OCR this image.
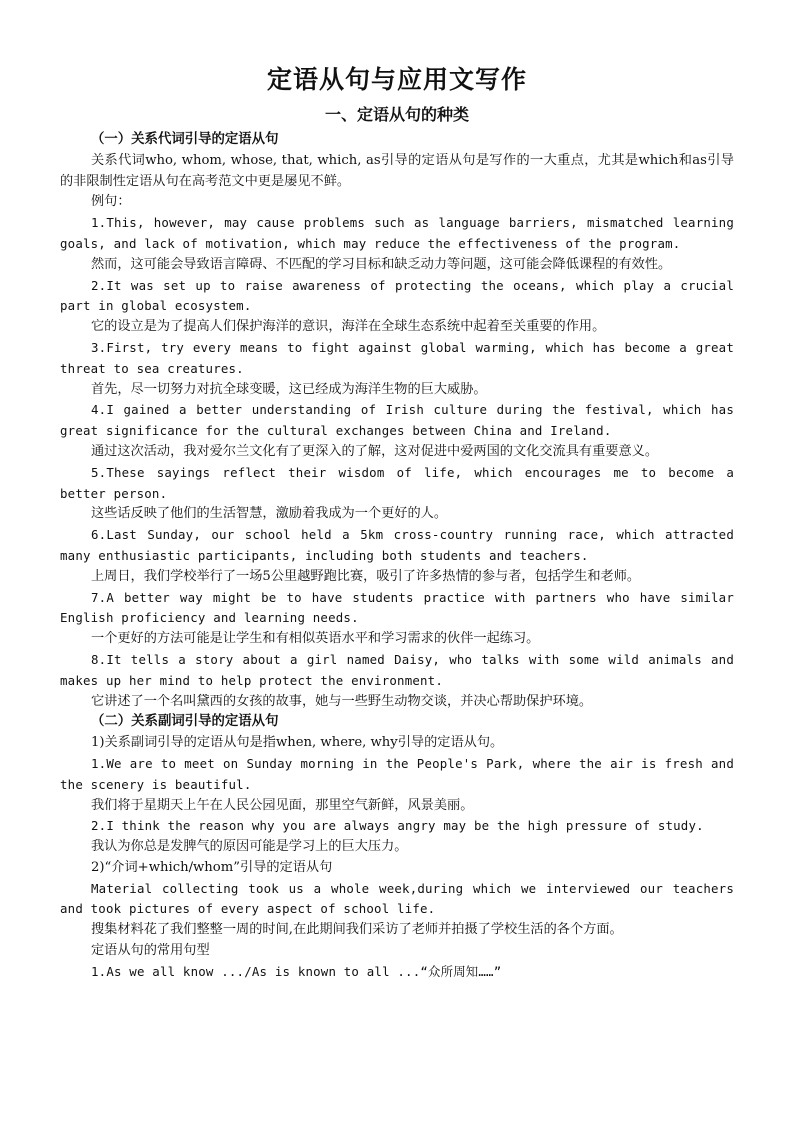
定语从句与应用文写作
一、定语从句的种类

（一）关系代词引导的定语从句

关系代词who, whom, whose, that, which, as引导的定语从句是写作的一大重点，尤其是which和as引导的非限制性定语从句在高考范文中更是屡见不鲜。

例句：

1.This, however, may cause problems such as language barriers, mismatched learning goals, and lack of motivation, which may reduce the effectiveness of the program.

然而，这可能会导致语言障碍、不匹配的学习目标和缺乏动力等问题，这可能会降低课程的有效性。

2.It was set up to raise awareness of protecting the oceans, which play a crucial part in global ecosystem.

它的设立是为了提高人们保护海洋的意识，海洋在全球生态系统中起着至关重要的作用。

3.First, try every means to fight against global warming, which has become a great threat to sea creatures.

首先，尽一切努力对抗全球变暖，这已经成为海洋生物的巨大威胁。

4.I gained a better understanding of Irish culture during the festival, which has great significance for the cultural exchanges between China and Ireland.

通过这次活动，我对爱尔兰文化有了更深入的了解，这对促进中爱两国的文化交流具有重要意义。

5.These sayings reflect their wisdom of life, which encourages me to become a better person.

这些话反映了他们的生活智慧，激励着我成为一个更好的人。

6.Last Sunday, our school held a 5km cross-country running race, which attracted many enthusiastic participants, including both students and teachers.

上周日，我们学校举行了一场5公里越野跑比赛，吸引了许多热情的参与者，包括学生和老师。

7.A better way might be to have students practice with partners who have similar English proficiency and learning needs.

一个更好的方法可能是让学生和有相似英语水平和学习需求的伙伴一起练习。

8.It tells a story about a girl named Daisy, who talks with some wild animals and makes up her mind to help protect the environment.

它讲述了一个名叫黛西的女孩的故事，她与一些野生动物交谈，并决心帮助保护环境。

（二）关系副词引导的定语从句

1)关系副词引导的定语从句是指when, where, why引导的定语从句。

1.We are to meet on Sunday morning in the People's Park, where the air is fresh and the scenery is beautiful.

我们将于星期天上午在人民公园见面，那里空气新鲜，风景美丽。

2.I think the reason why you are always angry may be the high pressure of study.

我认为你总是发脾气的原因可能是学习上的巨大压力。

2)“介词+which/whom”引导的定语从句

Material collecting took us a whole week,during which we interviewed our teachers and took pictures of every aspect of school life.

搜集材料花了我们整整一周的时间,在此期间我们采访了老师并拍摄了学校生活的各个方面。

定语从句的常用句型

1.As we all know .../As is known to all ...“众所周知……”
